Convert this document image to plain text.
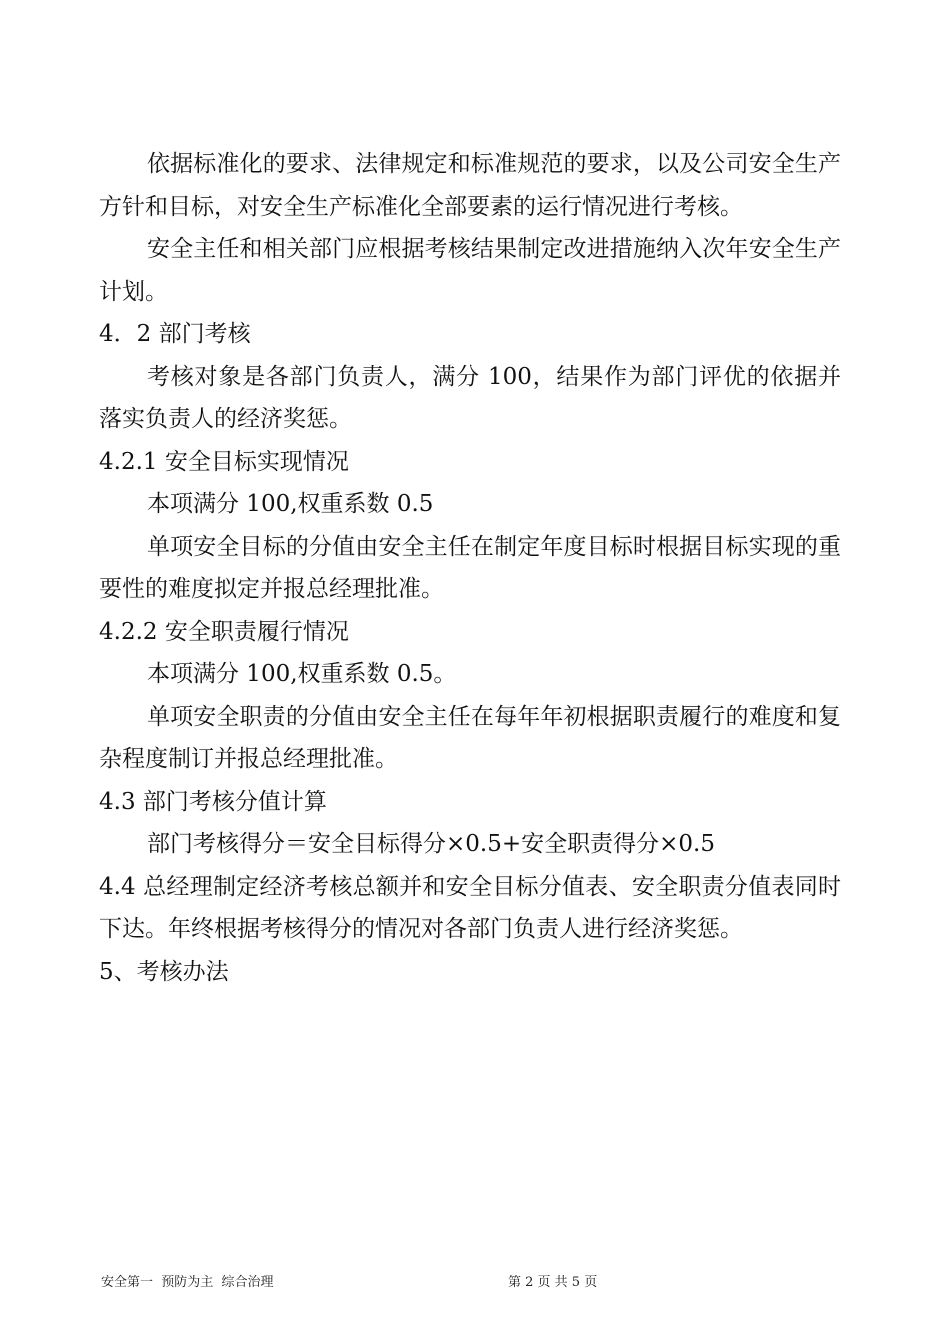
依据标准化的要求、法律规定和标准规范的要求，以及公司安全生产方针和目标，对安全生产标准化全部要素的运行情况进行考核。

安全主任和相关部门应根据考核结果制定改进措施纳入次年安全生产计划。

4．2 部门考核

考核对象是各部门负责人，满分 100，结果作为部门评优的依据并落实负责人的经济奖惩。

4.2.1 安全目标实现情况

本项满分 100,权重系数 0.5

单项安全目标的分值由安全主任在制定年度目标时根据目标实现的重要性的难度拟定并报总经理批准。

4.2.2 安全职责履行情况

本项满分 100,权重系数 0.5。

单项安全职责的分值由安全主任在每年年初根据职责履行的难度和复杂程度制订并报总经理批准。

4.3 部门考核分值计算

部门考核得分＝安全目标得分×0.5+安全职责得分×0.5

4.4 总经理制定经济考核总额并和安全目标分值表、安全职责分值表同时下达。年终根据考核得分的情况对各部门负责人进行经济奖惩。

5、考核办法

安全第一  预防为主  综合治理	第 2 页 共 5 页
